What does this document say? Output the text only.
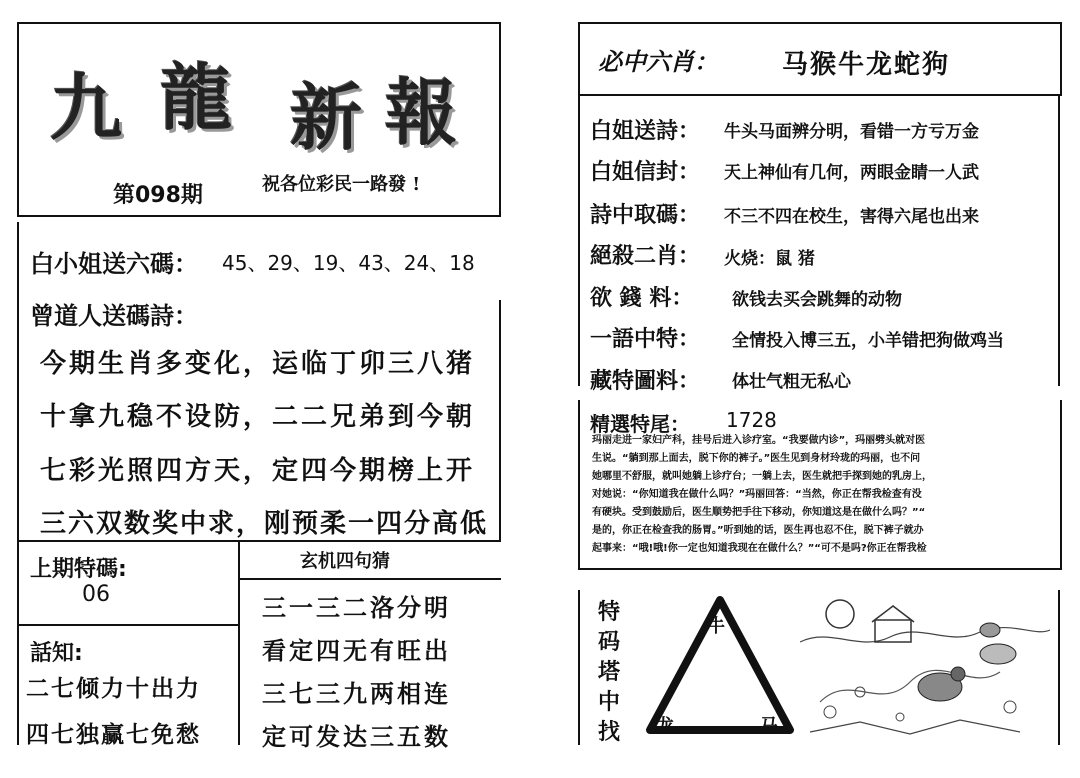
九 龍 新 報
第098期	祝各位彩民一路發 !
白小姐送六碼： 45、29、19、43、24、18
曾道人送碼詩：
今期生肖多变化，运临丁卯三八猪
十拿九稳不设防，二二兄弟到今朝
七彩光照四方天，定四今期榜上开
三六双数奖中求，刚预柔一四分高低
上期特碼:
06
話知:
二七倾力十出力
四七独赢七免愁
玄机四句猜
三一三二洛分明
看定四无有旺出
三七三九两相连
定可发达三五数
必中六肖： 马猴牛龙蛇狗
白姐送詩： 牛头马面辨分明，看错一方亏万金
白姐信封： 天上神仙有几何，两眼金睛一人武
詩中取碼： 不三不四在校生，害得六尾也出来
絕殺二肖： 火烧：鼠 猪
欲 錢 料： 欲钱去买会跳舞的动物
一語中特： 全情投入博三五，小羊错把狗做鸡当
藏特圖料： 体壮气粗无私心
精選特尾： 1728
玛丽走进一家妇产科，挂号后进入诊疗室。“我要做内诊”，玛丽劈头就对医
生说。“躺到那上面去，脱下你的裤子。”医生见到身材玲珑的玛丽，也不问
她哪里不舒服，就叫她躺上诊疗台；一躺上去，医生就把手探到她的乳房上，
对她说：“你知道我在做什么吗？”玛丽回答：“当然，你正在帮我检查有没
有硬块。受到鼓励后，医生顺势把手往下移动，你知道这是在做什么吗？”“
是的，你正在检查我的肠胃。”听到她的话，医生再也忍不住，脱下裤子就办
起事来：“哦!哦!你一定也知道我现在在做什么？”“可不是吗?你正在帮我检
特
码
塔
中
找
牛
龙	马
